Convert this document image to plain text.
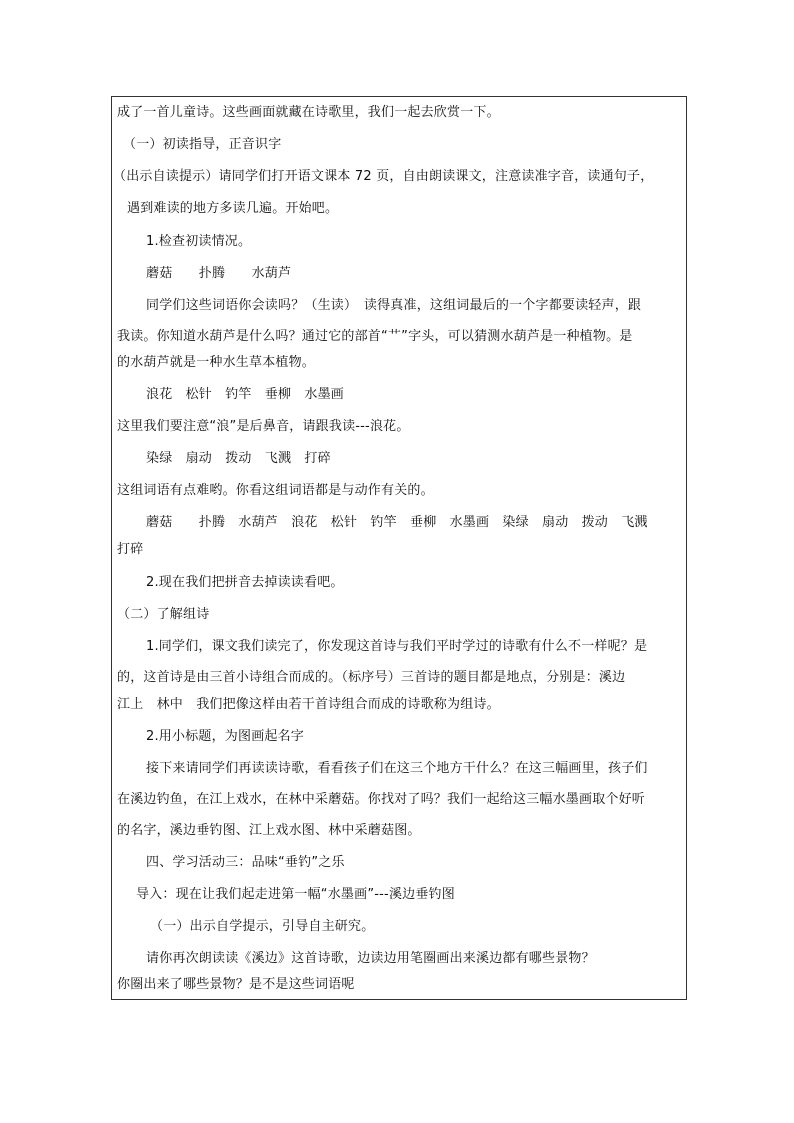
成了一首儿童诗。这些画面就藏在诗歌里，我们一起去欣赏一下。
（一）初读指导，正音识字
（出示自读提示）请同学们打开语文课本 72 页，自由朗读课文，注意读准字音，读通句子，
遇到难读的地方多读几遍。开始吧。
1.检查初读情况。
蘑菇　　扑腾　　水葫芦
同学们这些词语你会读吗？（生读）　读得真准，这组词最后的一个字都要读轻声，跟
我读。你知道水葫芦是什么吗？通过它的部首“艹”字头，可以猜测水葫芦是一种植物。是
的水葫芦就是一种水生草本植物。
浪花　松针　钓竿　垂柳　水墨画
这里我们要注意“浪”是后鼻音，请跟我读---浪花。
染绿　扇动　拨动　飞溅　打碎
这组词语有点难哟。你看这组词语都是与动作有关的。
蘑菇　　扑腾　水葫芦　浪花　松针　钓竿　垂柳　水墨画　染绿　扇动　拨动　飞溅
打碎
2.现在我们把拼音去掉读读看吧。
（二）了解组诗
1.同学们，课文我们读完了，你发现这首诗与我们平时学过的诗歌有什么不一样呢？是
的，这首诗是由三首小诗组合而成的。（标序号）三首诗的题目都是地点，分别是：溪边
江上　林中　我们把像这样由若干首诗组合而成的诗歌称为组诗。
2.用小标题，为图画起名字
接下来请同学们再读读诗歌，看看孩子们在这三个地方干什么？在这三幅画里，孩子们
在溪边钓鱼，在江上戏水，在林中采蘑菇。你找对了吗？我们一起给这三幅水墨画取个好听
的名字，溪边垂钓图、江上戏水图、林中采蘑菇图。
四、学习活动三：品味“垂钓”之乐
导入：现在让我们起走进第一幅“水墨画”---溪边垂钓图
（一）出示自学提示，引导自主研究。
请你再次朗读读《溪边》这首诗歌，边读边用笔圈画出来溪边都有哪些景物？
你圈出来了哪些景物？是不是这些词语呢
